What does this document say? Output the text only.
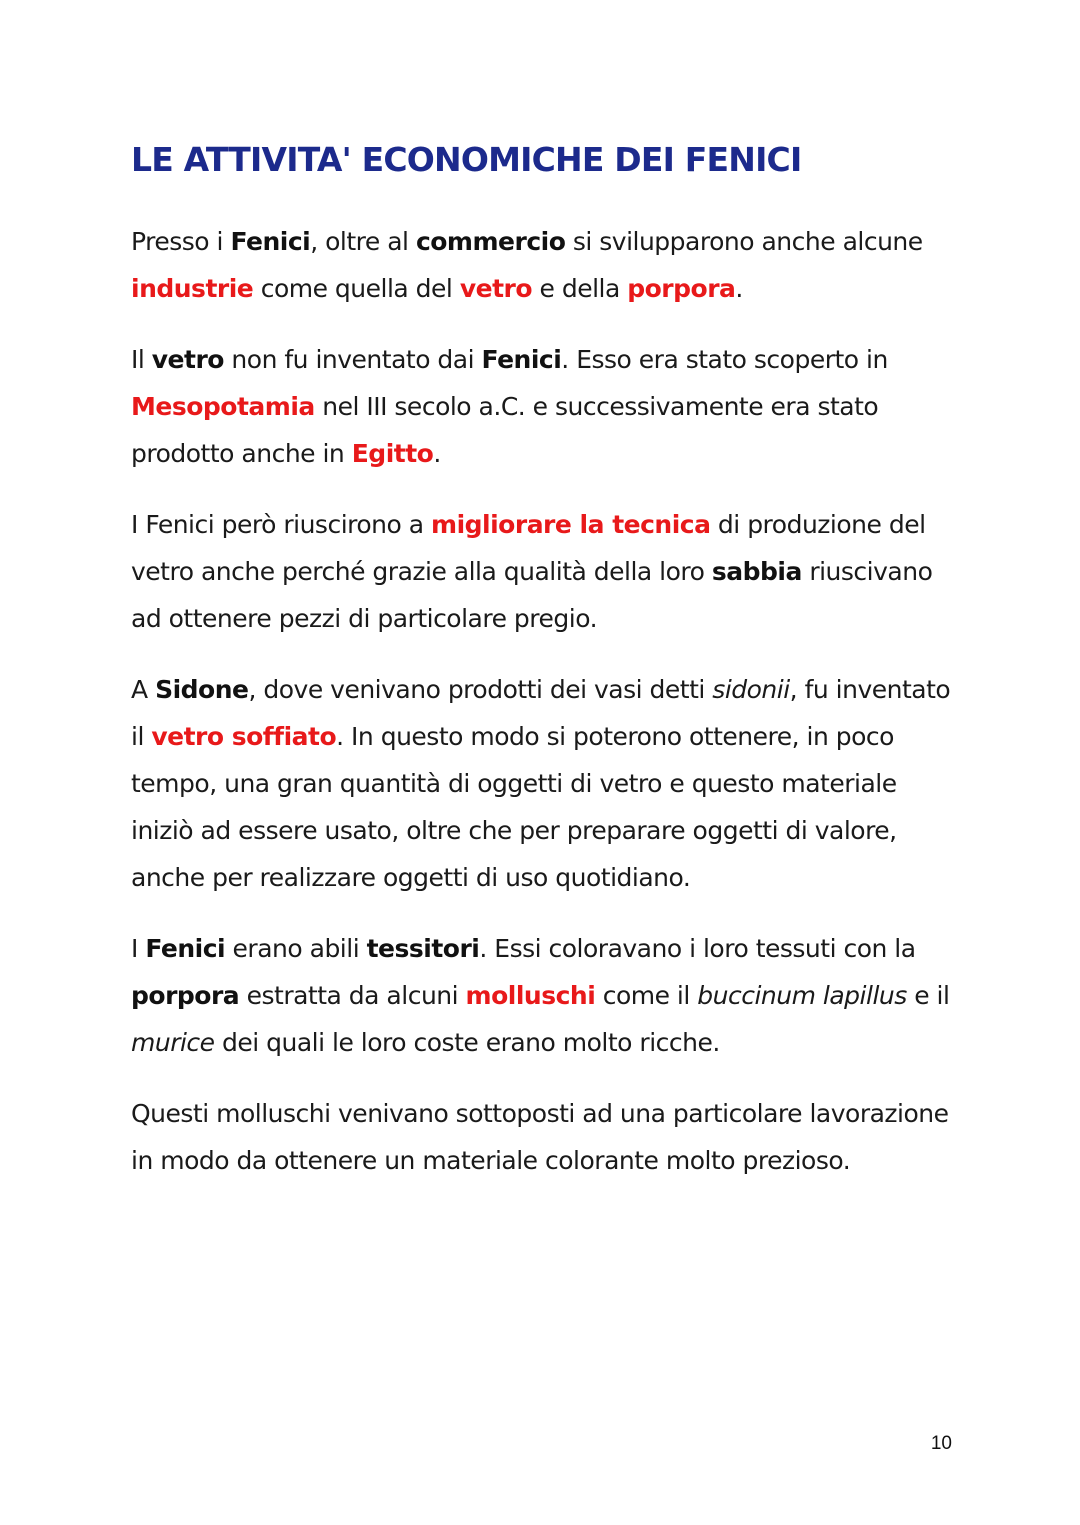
LE ATTIVITA' ECONOMICHE DEI FENICI

Presso i Fenici, oltre al commercio si svilupparono anche alcune industrie come quella del vetro e della porpora.

Il vetro non fu inventato dai Fenici. Esso era stato scoperto in Mesopotamia nel III secolo a.C. e successivamente era stato prodotto anche in Egitto.

I Fenici però riuscirono a migliorare la tecnica di produzione del vetro anche perché grazie alla qualità della loro sabbia riuscivano ad ottenere pezzi di particolare pregio.

A Sidone, dove venivano prodotti dei vasi detti sidonii, fu inventato il vetro soffiato. In questo modo si poterono ottenere, in poco tempo, una gran quantità di oggetti di vetro e questo materiale iniziò ad essere usato, oltre che per preparare oggetti di valore, anche per realizzare oggetti di uso quotidiano.

I Fenici erano abili tessitori. Essi coloravano i loro tessuti con la porpora estratta da alcuni molluschi come il buccinum lapillus e il murice dei quali le loro coste erano molto ricche.

Questi molluschi venivano sottoposti ad una particolare lavorazione in modo da ottenere un materiale colorante molto prezioso.

10
